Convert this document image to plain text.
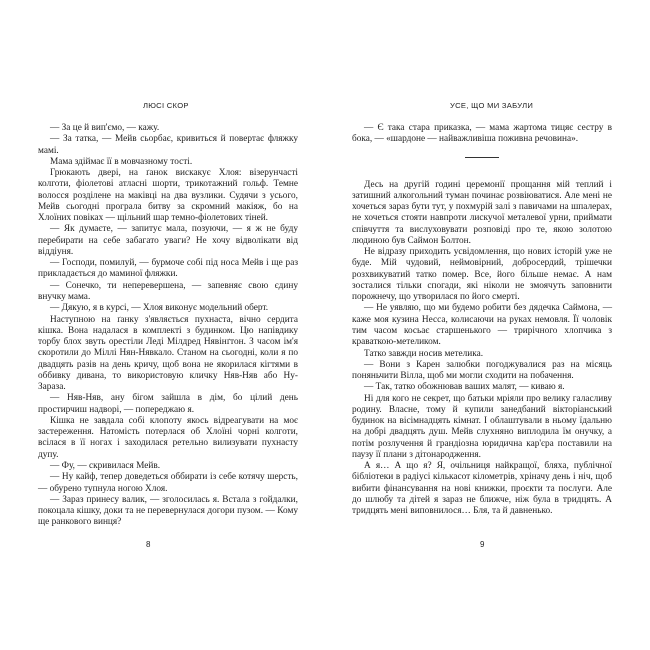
ЛЮСІ СКОР

— За це й вип'ємо, — кажу.

— За татка, — Мейв сьорбає, кривиться й повертає фляжку мамі.

Мама здіймає її в мовчазному тості.

Грюкають двері, на ґанок вискакує Хлоя: візерунчасті колготи, фіолетові атласні шорти, трикотажний гольф. Темне волосся розділене на маківці на два вузлики. Судячи з усього, Мейв сьогодні програла битву за скромний макіяж, бо на Хлоїних повіках — щільний шар темно-фіолетових тіней.

— Як думаєте, — запитує мала, позуючи, — я ж не буду перебирати на себе забагато уваги? Не хочу відволікати від віддіуня.

— Господи, помилуй, — бурмоче собі під носа Мейв і ще раз прикладається до маминої фляжки.

— Сонечко, ти неперевершена, — запевняє свою єдину внучку мама.

— Дякую, я в курсі, — Хлоя виконує модельний оберт.

Наступною на ґанку з'являється пухнаста, вічно сердита кішка. Вона надалася в комплекті з будинком. Цю напівдику торбу блох звуть орестіли Леді Мілдред Нявінґтон. З часом ім'я скоротили до Міллі Нян-Нявкало. Станом на сьогодні, коли я по двадцять разів на день кричу, щоб вона не якорилася кігтями в оббивку дивана, то використовую кличку Няв-Няв або Ну-Зараза.

— Няв-Няв, ану бігом зайшла в дім, бо цілий день простирчиш надворі, — попереджаю я.

Кішка не завдала собі клопоту якось відреагувати на моє застереження. Натомість потерлася об Хлоїні чорні колготи, всілася в її ногах і заходилася ретельно вилизувати пухнасту дупу.

— Фу, — скривилася Мейв.

— Ну кайф, тепер доведеться оббирати із себе котячу шерсть, — обурено тупнула ногою Хлоя.

— Зараз принесу валик, — зголосилась я. Встала з гойдалки, покоцала кішку, доки та не перевернулася догори пузом. — Кому ще ранкового винця?

8
УСЕ, ЩО МИ ЗАБУЛИ

— Є така стара приказка, — мама жартома тицяє сестру в бока, — «шардоне — найважливіша поживна речовина».

Десь на другій годині церемонії прощання мій теплий і затишний алкогольний туман починає розвіюватися. Але мені не хочеться зараз бути тут, у похмурій залі з павичами на шпалерах, не хочеться стояти навпроти лискучої металевої урни, приймати співчуття та вислуховувати розповіді про те, якою золотою людиною був Саймон Болтон.

Не відразу приходить усвідомлення, що нових історій уже не буде. Мій чудовий, неймовірний, добросердий, трішечки розхвикуватий татко помер. Все, його більше немає. А нам зосталися тільки спогади, які ніколи не змоячуть заповнити порожнечу, що утворилася по його смерті.

— Не уявляю, що ми будемо робити без дядечка Саймона, — каже моя кузина Несса, колисаючи на руках немовля. Її чоловік тим часом косьає старшенького — трирічного хлопчика з краваткою-метеликом.

Татко завжди носив метелика.

— Вони з Карен залюбки погоджувалися раз на місяць поняньчити Віллa, щоб ми могли сходити на побачення.

— Так, татко обожнював ваших малят, — киваю я.

Ні для кого не секрет, що батьки мріяли про велику галасливу родину. Власне, тому й купили занедбаний вікторіанський будинок на вісімнадцять кімнат. І облаштували в ньому їдальню на добрі двадцять душ. Мейв слухняно виплодила їм онучку, а потім розлучення й грандіозна юридична кар'єра поставили на паузу її плани з дітонародження.

А я… А що я? Я, очільниця найкращої, бляха, публічної бібліотеки в радіусі кількасот кілометрів, хріначу день і ніч, щоб вибити фінансування на нові книжки, проєкти та послуги. Але до шлюбу та дітей я зараз не ближче, ніж була в тридцять. А тридцять мені виповнилося… Бля, та й давненько.

9
